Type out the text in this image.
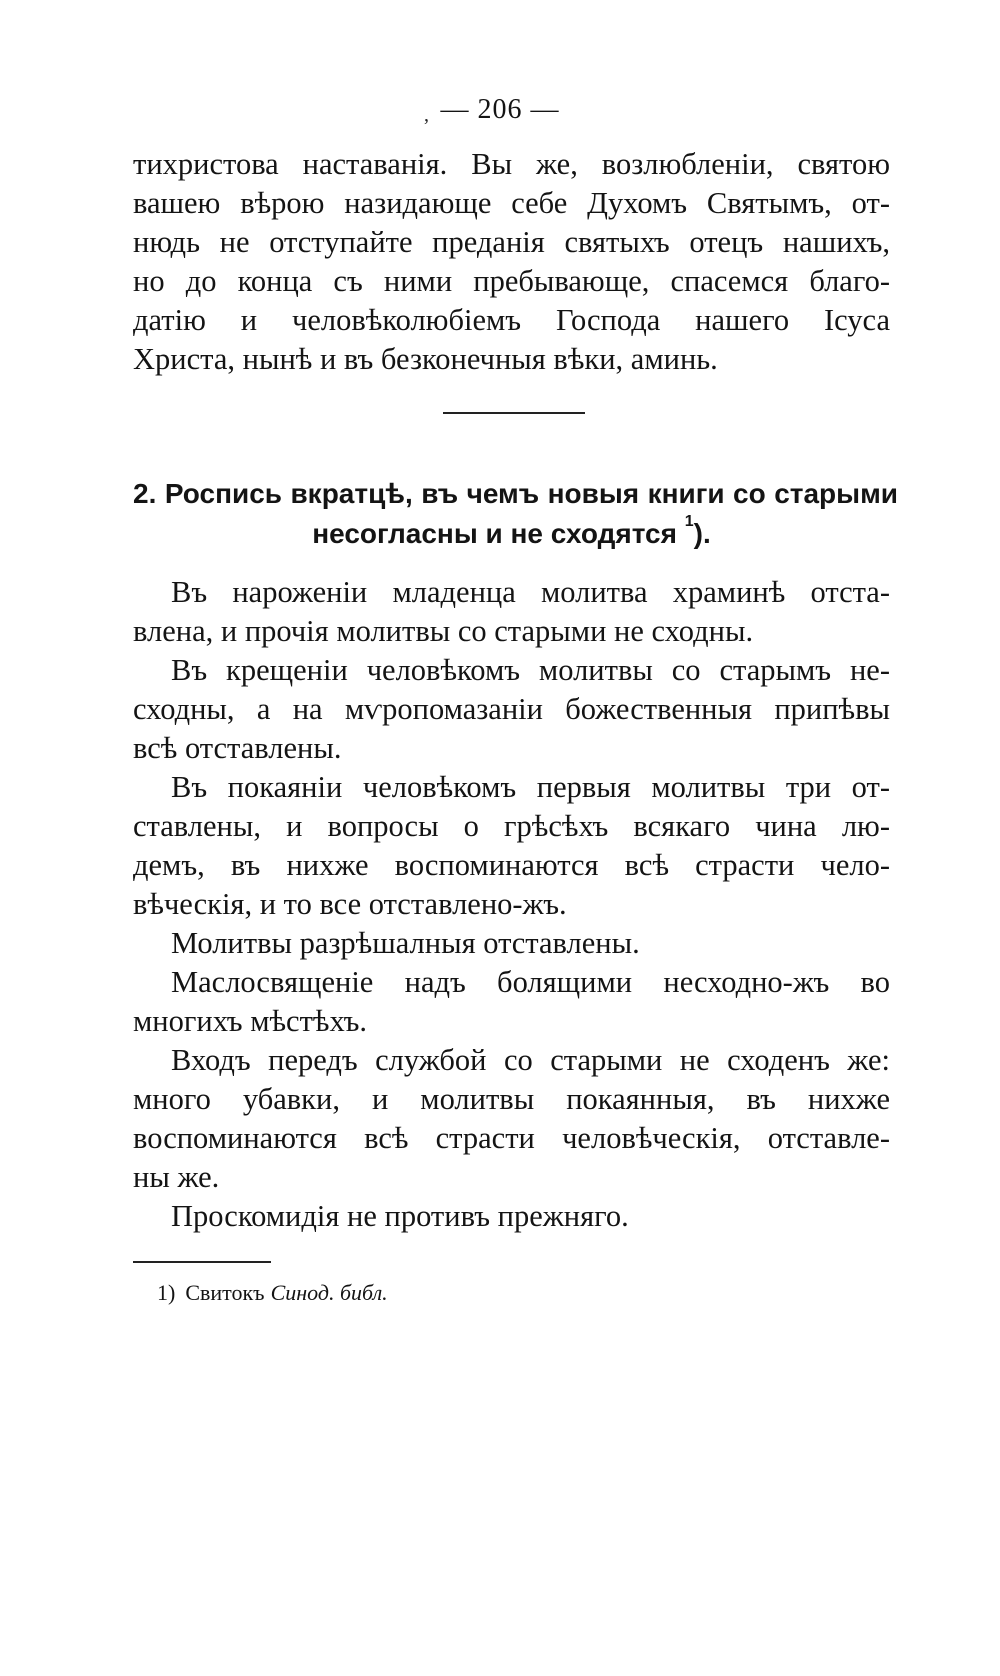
— 206 —
‚
тихристова наставанія. Вы же, возлюбленіи, святою
вашею вѣрою назидающе себе Духомъ Святымъ, от-
нюдь не отступайте преданія святыхъ отецъ нашихъ,
но до конца съ ними пребывающе, спасемся благо-
датію и человѣколюбіемъ Господа нашего Ісуса
Христа, нынѣ и въ безконечныя вѣки, аминь.
2. Роспись вкратцѣ, въ чемъ новыя книги со старыми
несогласны и не сходятся $^1$).
Въ нароженіи младенца молитва храминѣ отста-
влена, и прочія молитвы со старыми не сходны.
Въ крещеніи человѣкомъ молитвы со старымъ не-
сходны, а на мѵропомазаніи божественныя припѣвы
всѣ отставлены.
Въ покаяніи человѣкомъ первыя молитвы три от-
ставлены, и вопросы о грѣсѣхъ всякаго чина лю-
демъ, въ нихже воспоминаются всѣ страсти чело-
вѣческія, и то все отставлено-жъ.
Молитвы разрѣшалныя отставлены.
Маслосвященіе надъ болящими несходно-жъ во
многихъ мѣстѣхъ.
Входъ передъ службой со старыми не сходенъ же:
много убавки, и молитвы покаянныя, въ нихже
воспоминаются всѣ страсти человѣческія, отставле-
ны же.
Проскомидія не противъ прежняго.
1) Свитокъ Синод. библ.
